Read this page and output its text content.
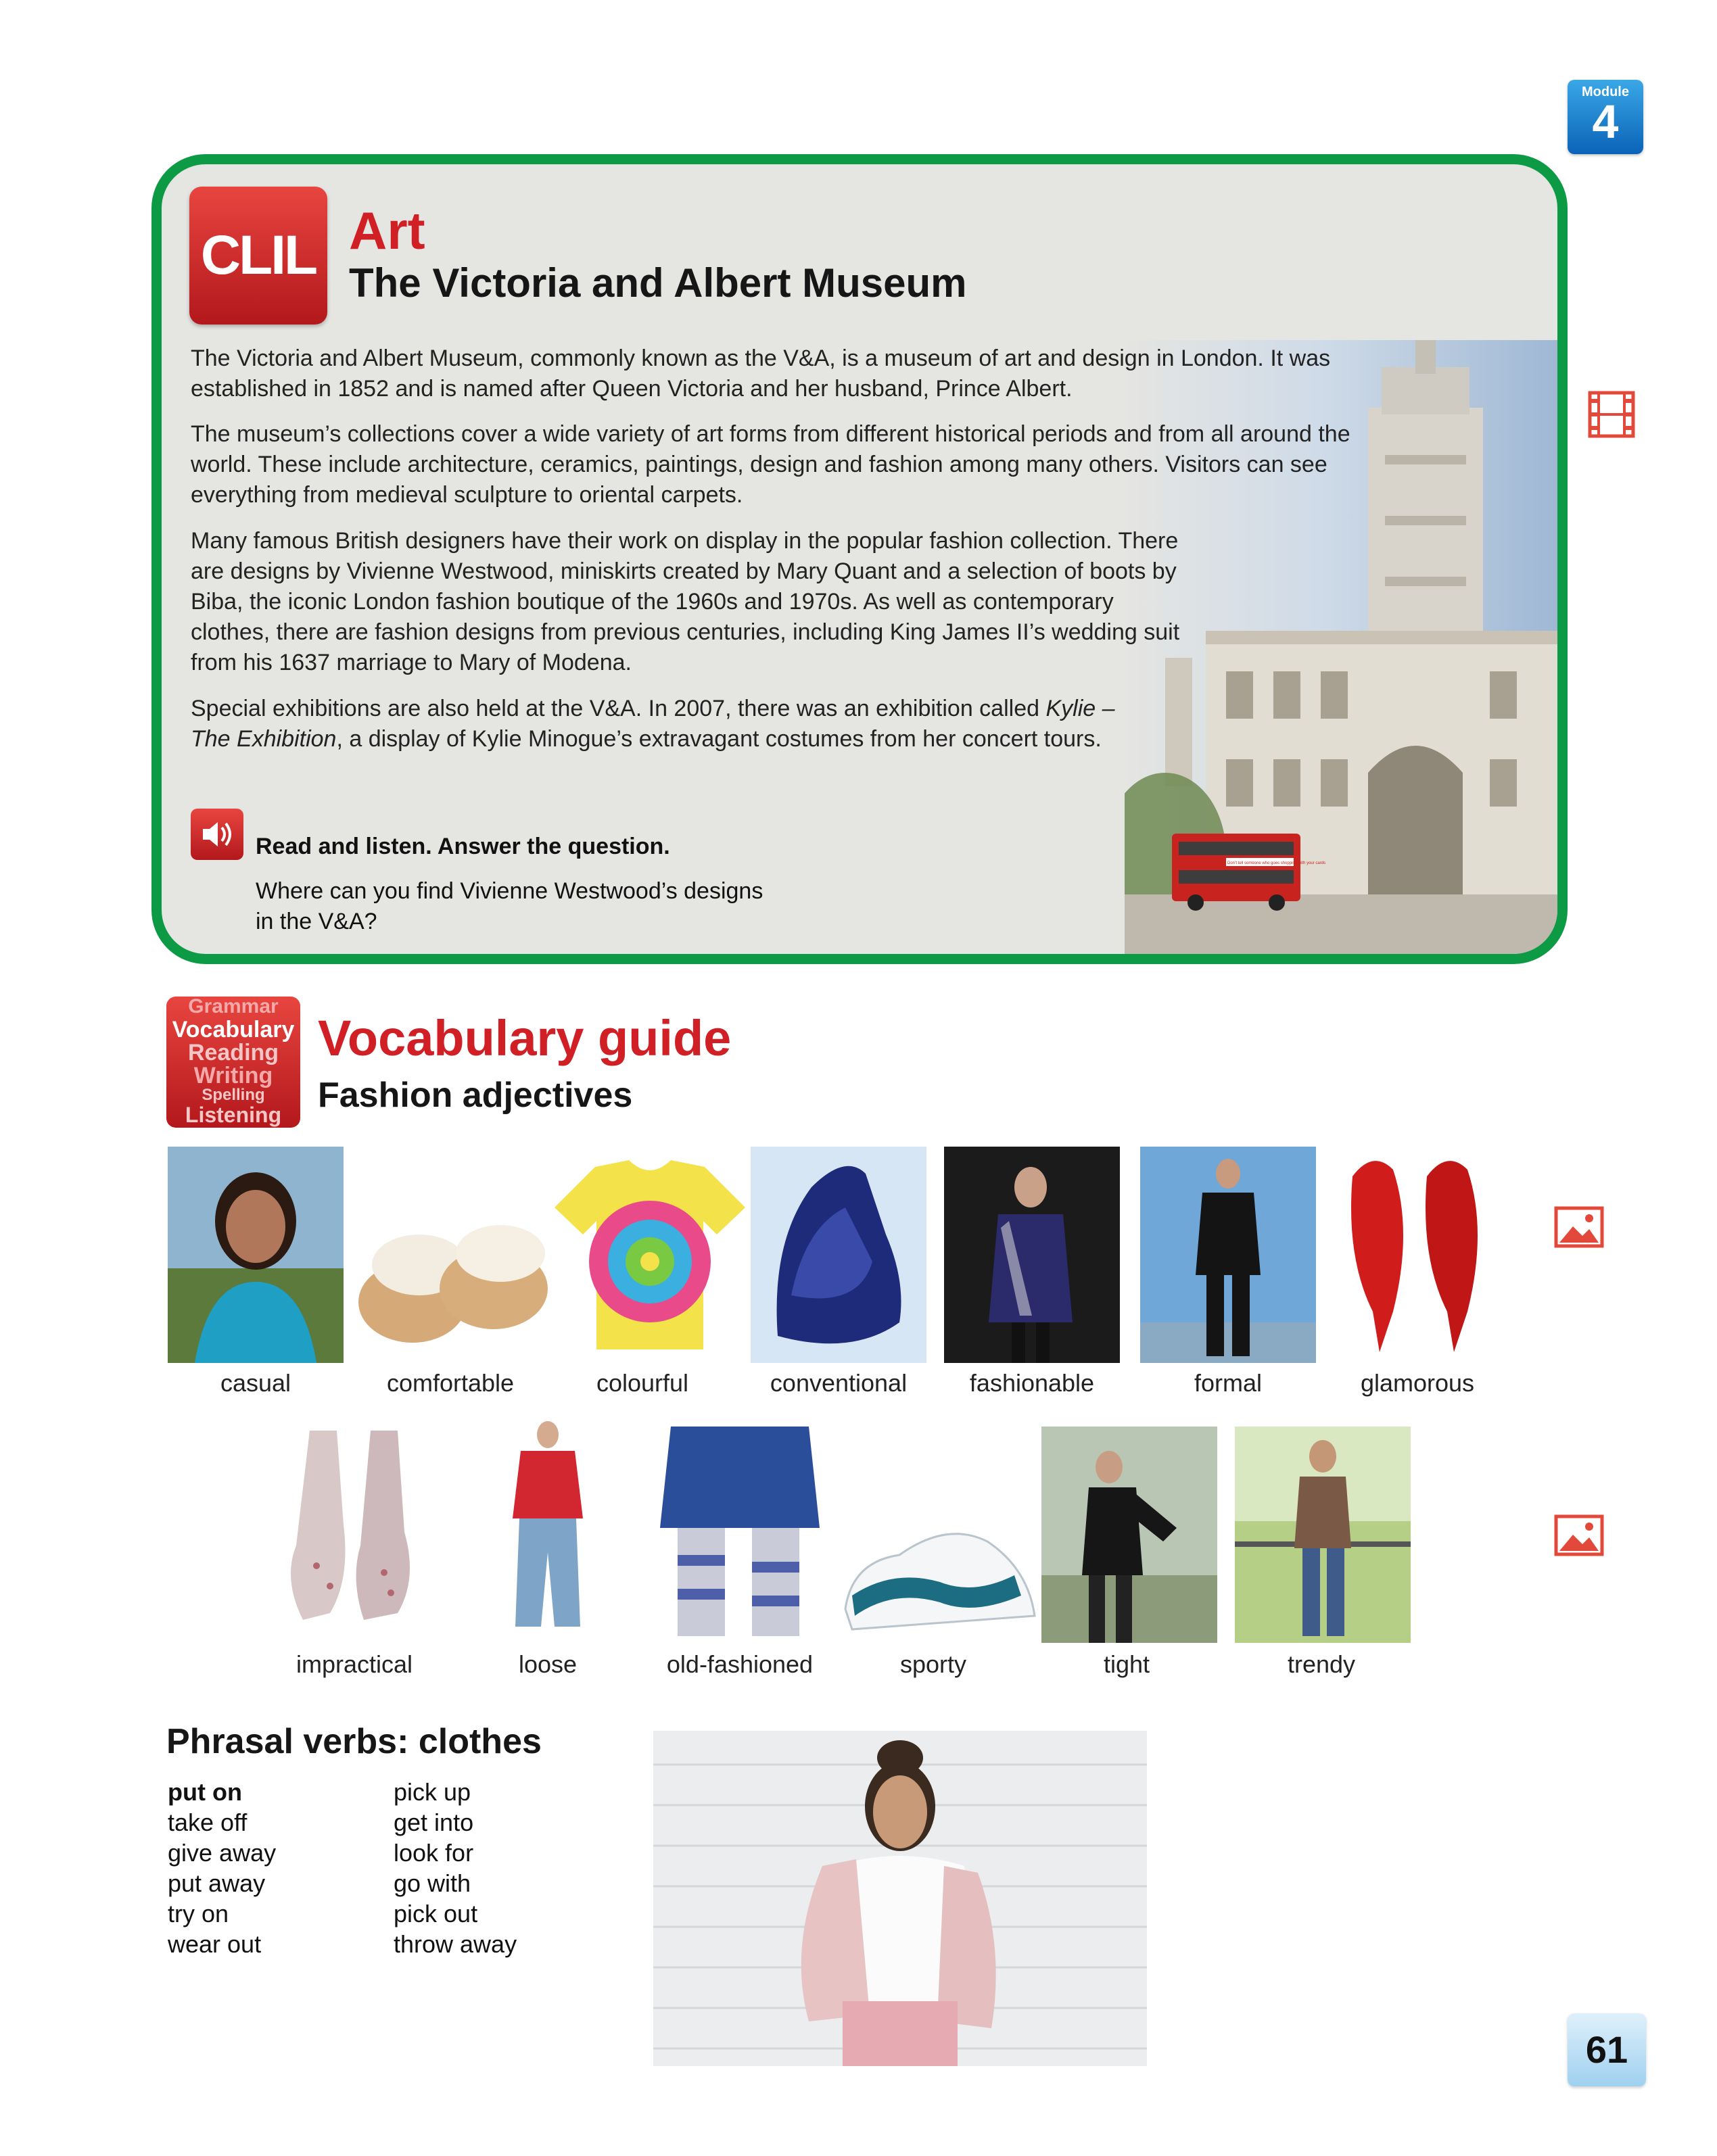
Module
4
Don’t tell someone who goes shopping with your cards
CLIL Art
The Victoria and Albert Museum

The Victoria and Albert Museum, commonly known as the V&A, is a museum of art and design in London. It was established in 1852 and is named after Queen Victoria and her husband, Prince Albert.

The museum’s collections cover a wide variety of art forms from different historical periods and from all around the world. These include architecture, ceramics, paintings, design and fashion among many others. Visitors can see everything from medieval sculpture to oriental carpets.

Many famous British designers have their work on display in the popular fashion collection. There are designs by Vivienne Westwood, miniskirts created by Mary Quant and a selection of boots by Biba, the iconic London fashion boutique of the 1960s and 1970s. As well as contemporary clothes, there are fashion designs from previous centuries, including King James II’s wedding suit from his 1637 marriage to Mary of Modena.

Special exhibitions are also held at the V&A. In 2007, there was an exhibition called Kylie – The Exhibition, a display of Kylie Minogue’s extravagant costumes from her concert tours.

Read and listen. Answer the question.
Where can you find Vivienne Westwood’s designs in the V&A?
Grammar
Vocabulary
Reading
Writing
Spelling
Listening
Vocabulary guide
Fashion adjectives
casual	comfortable	colourful	conventional	fashionable	formal	glamorous
impractical	loose	old-fashioned	sporty	tight	trendy
Phrasal verbs: clothes
put on
take off
give away
put away
try on
wear out
pick up
get into
look for
go with
pick out
throw away
61
